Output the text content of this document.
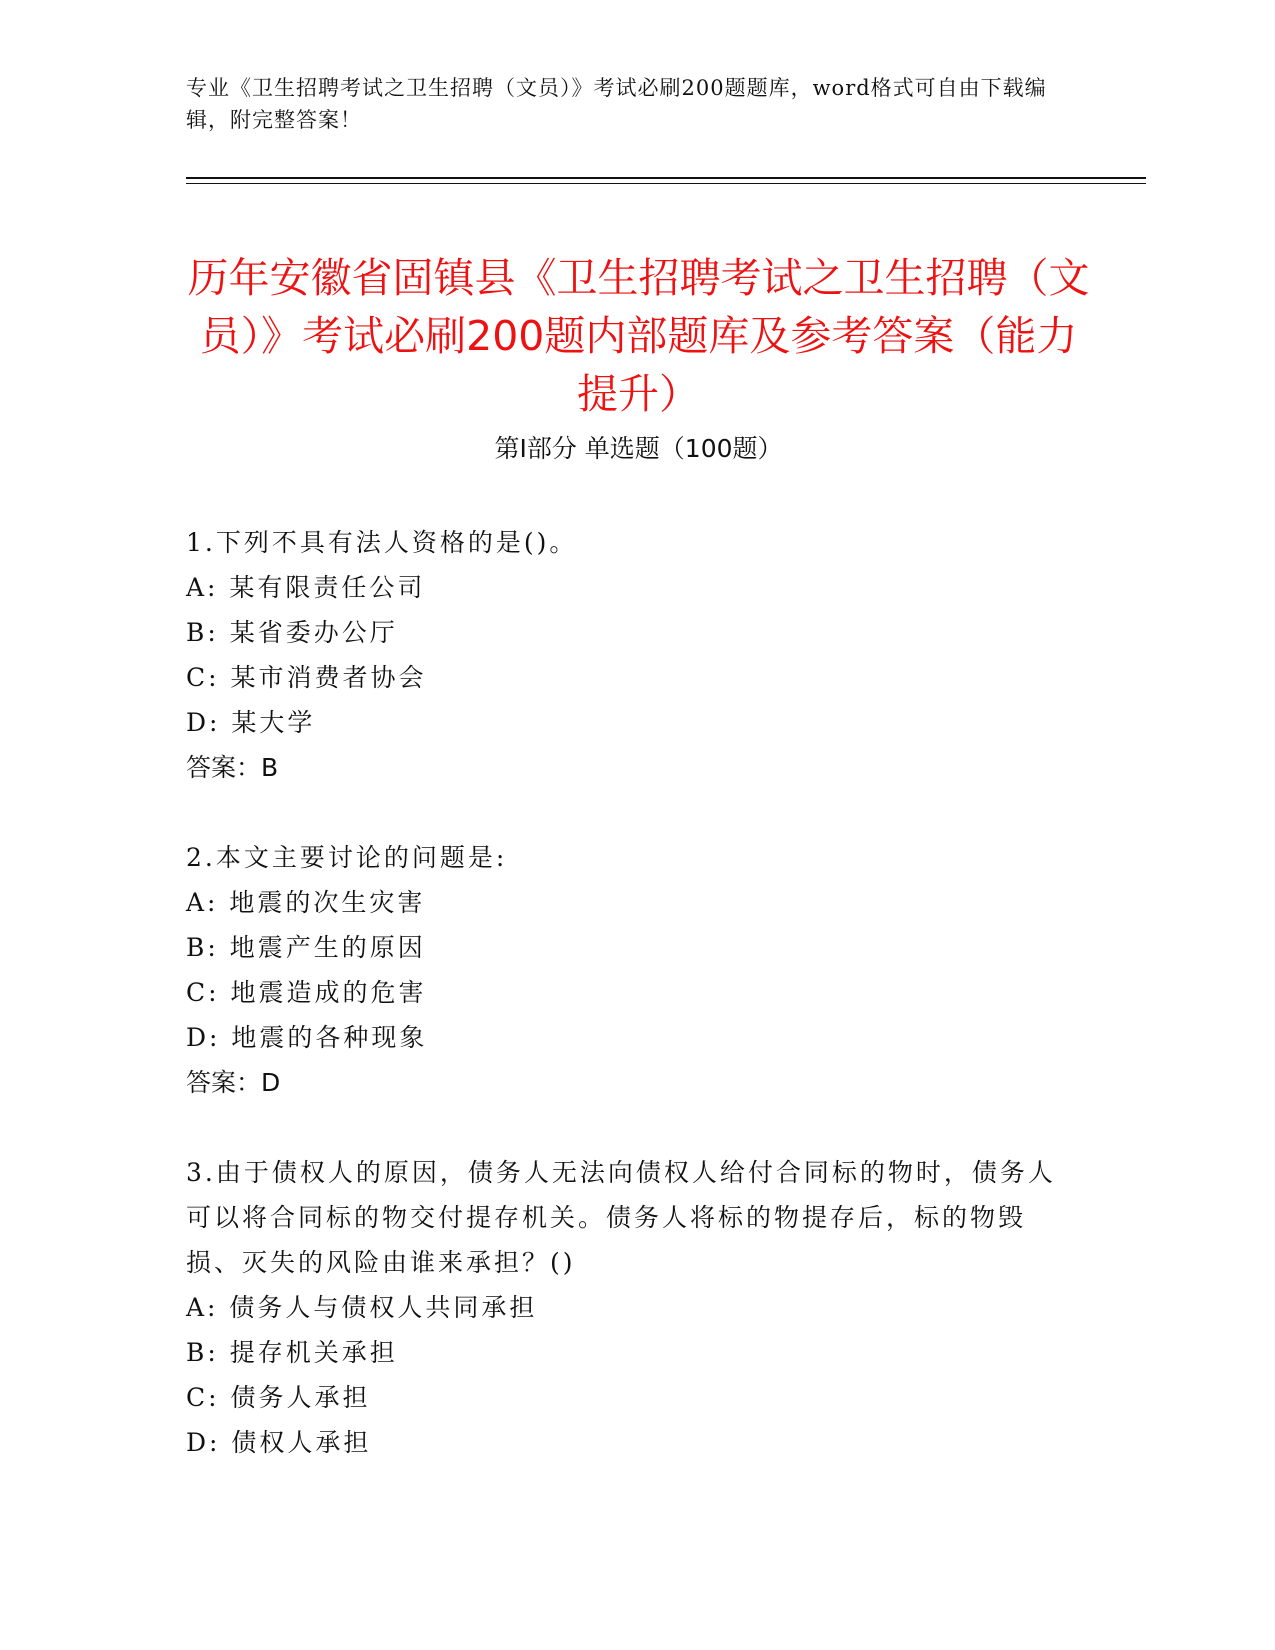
专业《卫生招聘考试之卫生招聘（文员）》考试必刷200题题库，word格式可自由下载编辑，附完整答案！
历年安徽省固镇县《卫生招聘考试之卫生招聘（文员）》考试必刷200题内部题库及参考答案（能力提升）
第Ⅰ部分 单选题（100题）
1.下列不具有法人资格的是()。
A: 某有限责任公司
B: 某省委办公厅
C: 某市消费者协会
D: 某大学
答案：B
2.本文主要讨论的问题是:
A: 地震的次生灾害
B: 地震产生的原因
C: 地震造成的危害
D: 地震的各种现象
答案：D
3.由于债权人的原因，债务人无法向债权人给付合同标的物时，债务人可以将合同标的物交付提存机关。债务人将标的物提存后，标的物毁损、灭失的风险由谁来承担？()
A: 债务人与债权人共同承担
B: 提存机关承担
C: 债务人承担
D: 债权人承担
